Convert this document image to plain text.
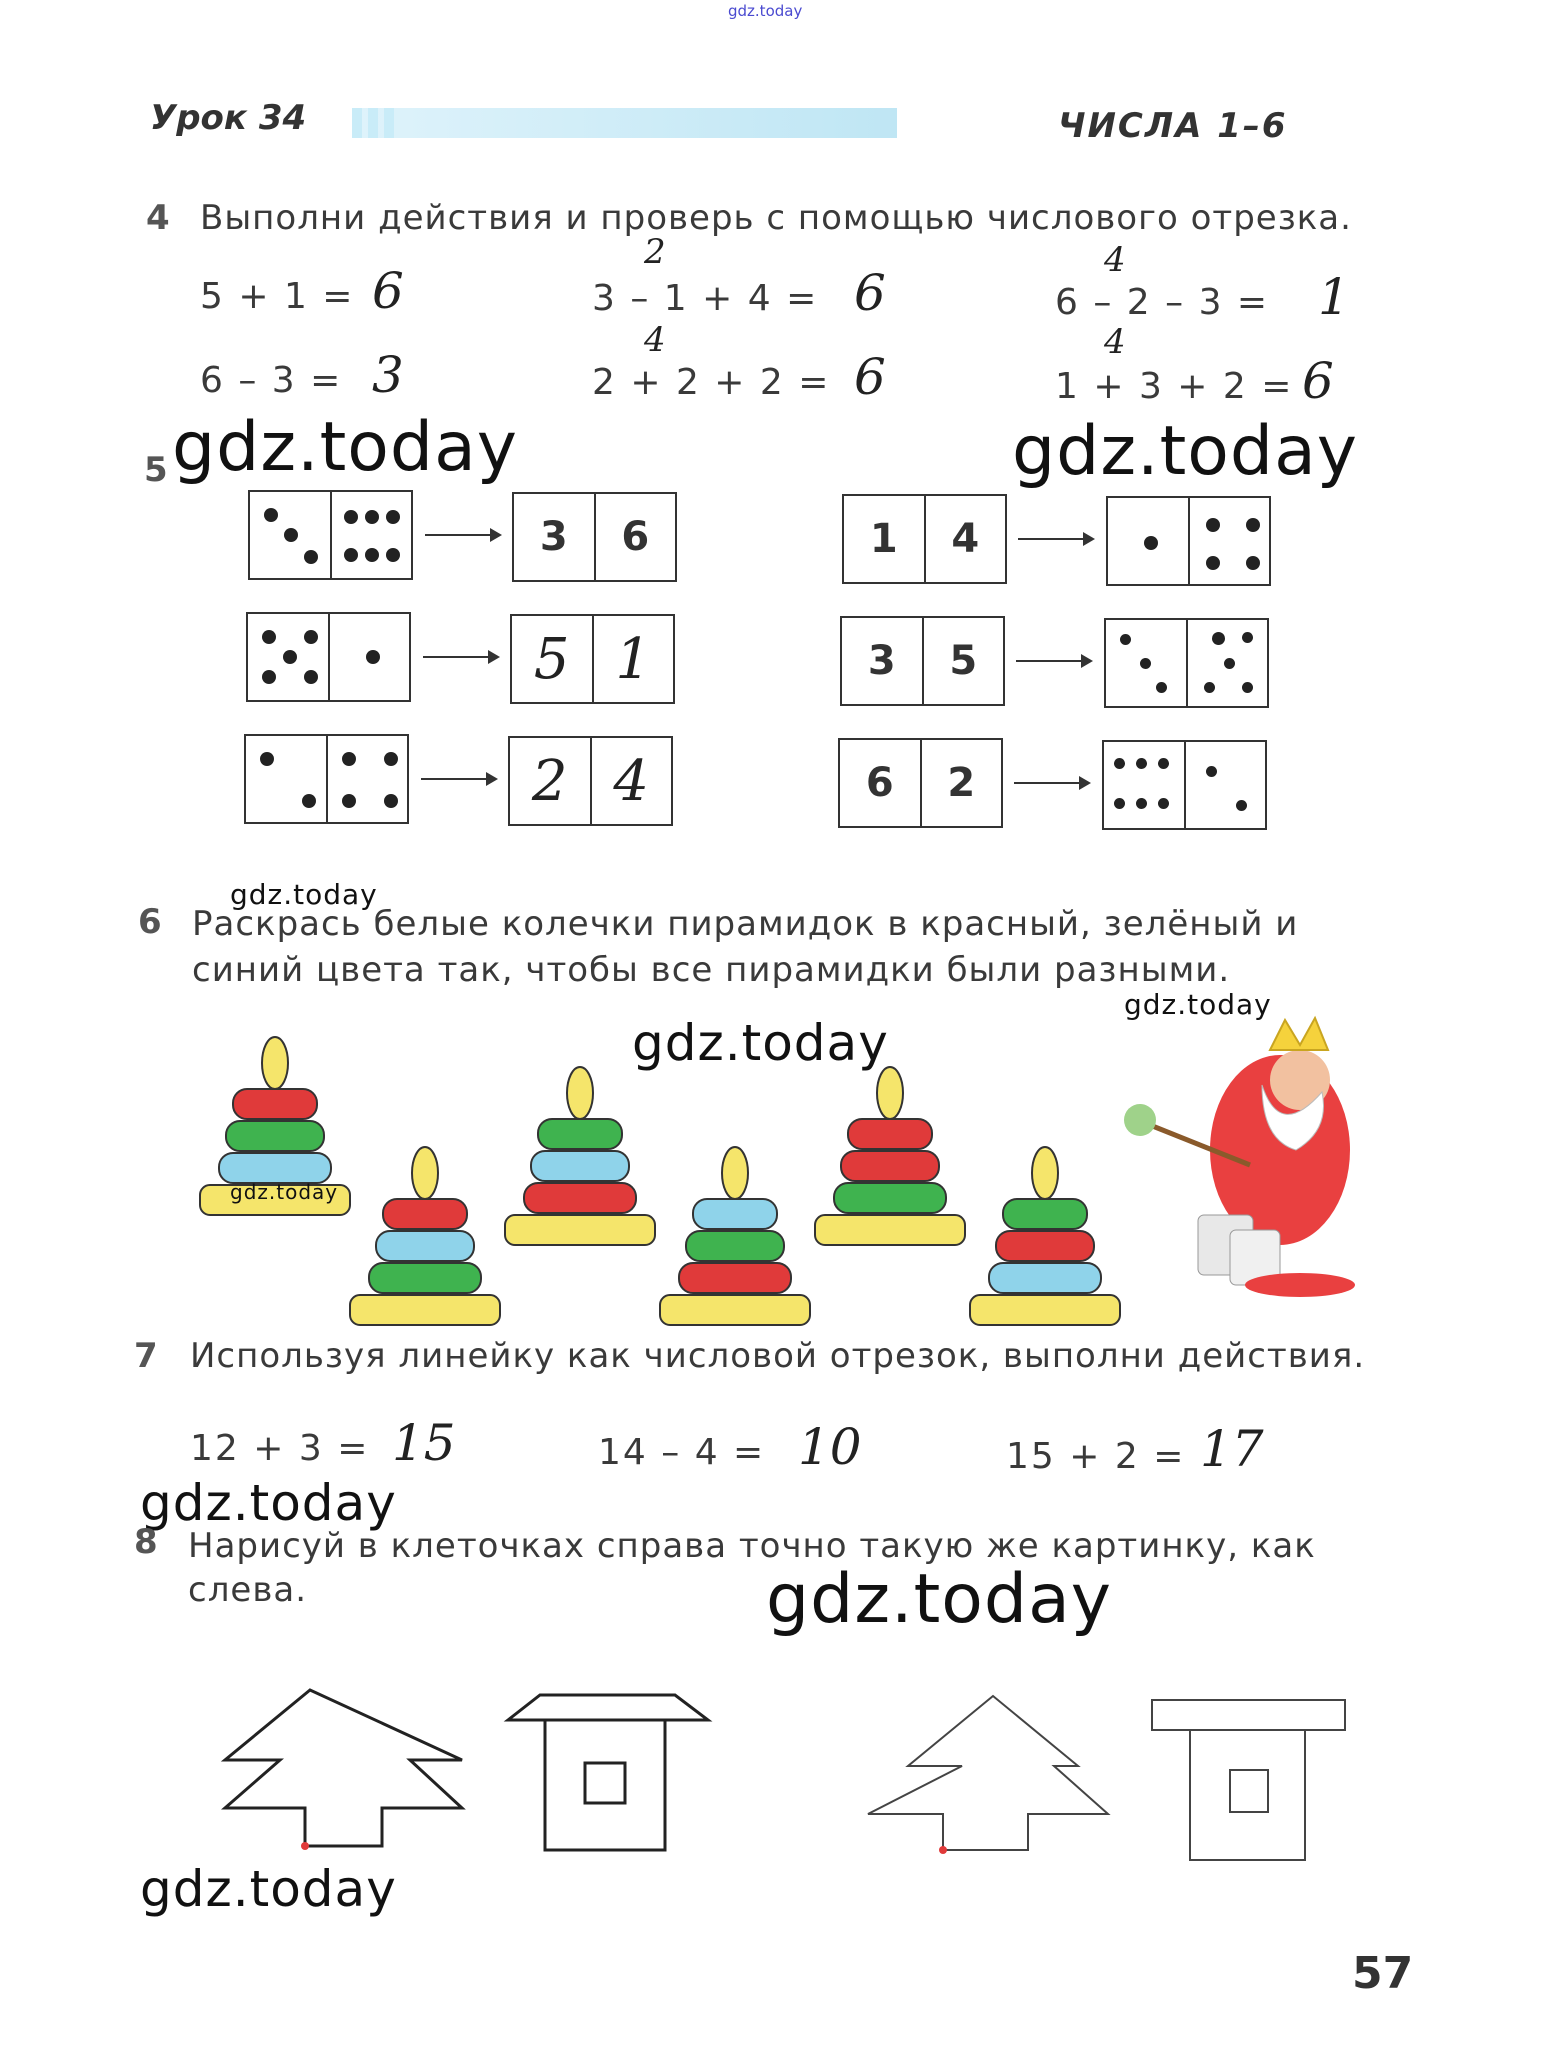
gdz.today
Урок 34	ЧИСЛА 1–6
4 Выполни действия и проверь с помощью числового отрезка.
5 + 1 = 6
2
3 – 1 + 4 = 6
4
6 – 2 – 3 = 1
6 – 3 = 3
4
2 + 2 + 2 = 6
4
1 + 3 + 2 = 6
5 gdz.today	gdz.today
3	6
5 1
2 4
1	4
3	5
6	2
gdz.today
6 Раскрась белые колечки пирамидок в красный, зелёный и
синий цвета так, чтобы все пирамидки были разными.
gdz.today
gdz.today
gdz.today
7 Используя линейку как числовой отрезок, выполни действия.
12 + 3 = 15	14 – 4 = 10	15 + 2 = 17
gdz.today
8 Нарисуй в клеточках справа точно такую же картинку, как
слева.	gdz.today
gdz.today
57
